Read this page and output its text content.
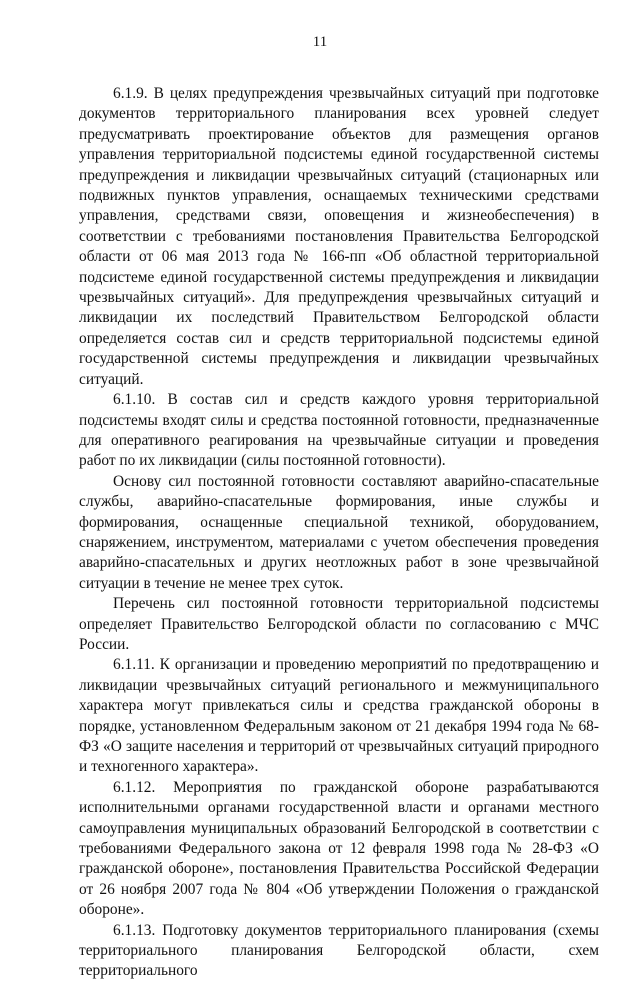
11

6.1.9. В целях предупреждения чрезвычайных ситуаций при подготовке документов территориального планирования всех уровней следует предусматривать проектирование объектов для размещения органов управления территориальной подсистемы единой государственной системы предупреждения и ликвидации чрезвычайных ситуаций (стационарных или подвижных пунктов управления, оснащаемых техническими средствами управления, средствами связи, оповещения и жизнеобеспечения) в соответствии с требованиями постановления Правительства Белгородской области от 06 мая 2013 года № 166-пп «Об областной территориальной подсистеме единой государственной системы предупреждения и ликвидации чрезвычайных ситуаций». Для предупреждения чрезвычайных ситуаций и ликвидации их последствий Правительством Белгородской области определяется состав сил и средств территориальной подсистемы единой государственной системы предупреждения и ликвидации чрезвычайных ситуаций.

6.1.10. В состав сил и средств каждого уровня территориальной подсистемы входят силы и средства постоянной готовности, предназначенные для оперативного реагирования на чрезвычайные ситуации и проведения работ по их ликвидации (силы постоянной готовности).

Основу сил постоянной готовности составляют аварийно-спасательные службы, аварийно-спасательные формирования, иные службы и формирования, оснащенные специальной техникой, оборудованием, снаряжением, инструментом, материалами с учетом обеспечения проведения аварийно-спасательных и других неотложных работ в зоне чрезвычайной ситуации в течение не менее трех суток.

Перечень сил постоянной готовности территориальной подсистемы определяет Правительство Белгородской области по согласованию с МЧС России.

6.1.11. К организации и проведению мероприятий по предотвращению и ликвидации чрезвычайных ситуаций регионального и межмуниципального характера могут привлекаться силы и средства гражданской обороны в порядке, установленном Федеральным законом от 21 декабря 1994 года № 68-ФЗ «О защите населения и территорий от чрезвычайных ситуаций природного и техногенного характера».

6.1.12. Мероприятия по гражданской обороне разрабатываются исполнительными органами государственной власти и органами местного самоуправления муниципальных образований Белгородской в соответствии с требованиями Федерального закона от 12 февраля 1998 года № 28-ФЗ «О гражданской обороне», постановления Правительства Российской Федерации от 26 ноября 2007 года № 804 «Об утверждении Положения о гражданской обороне».

6.1.13. Подготовку документов территориального планирования (схемы территориального планирования Белгородской области, схем территориального
